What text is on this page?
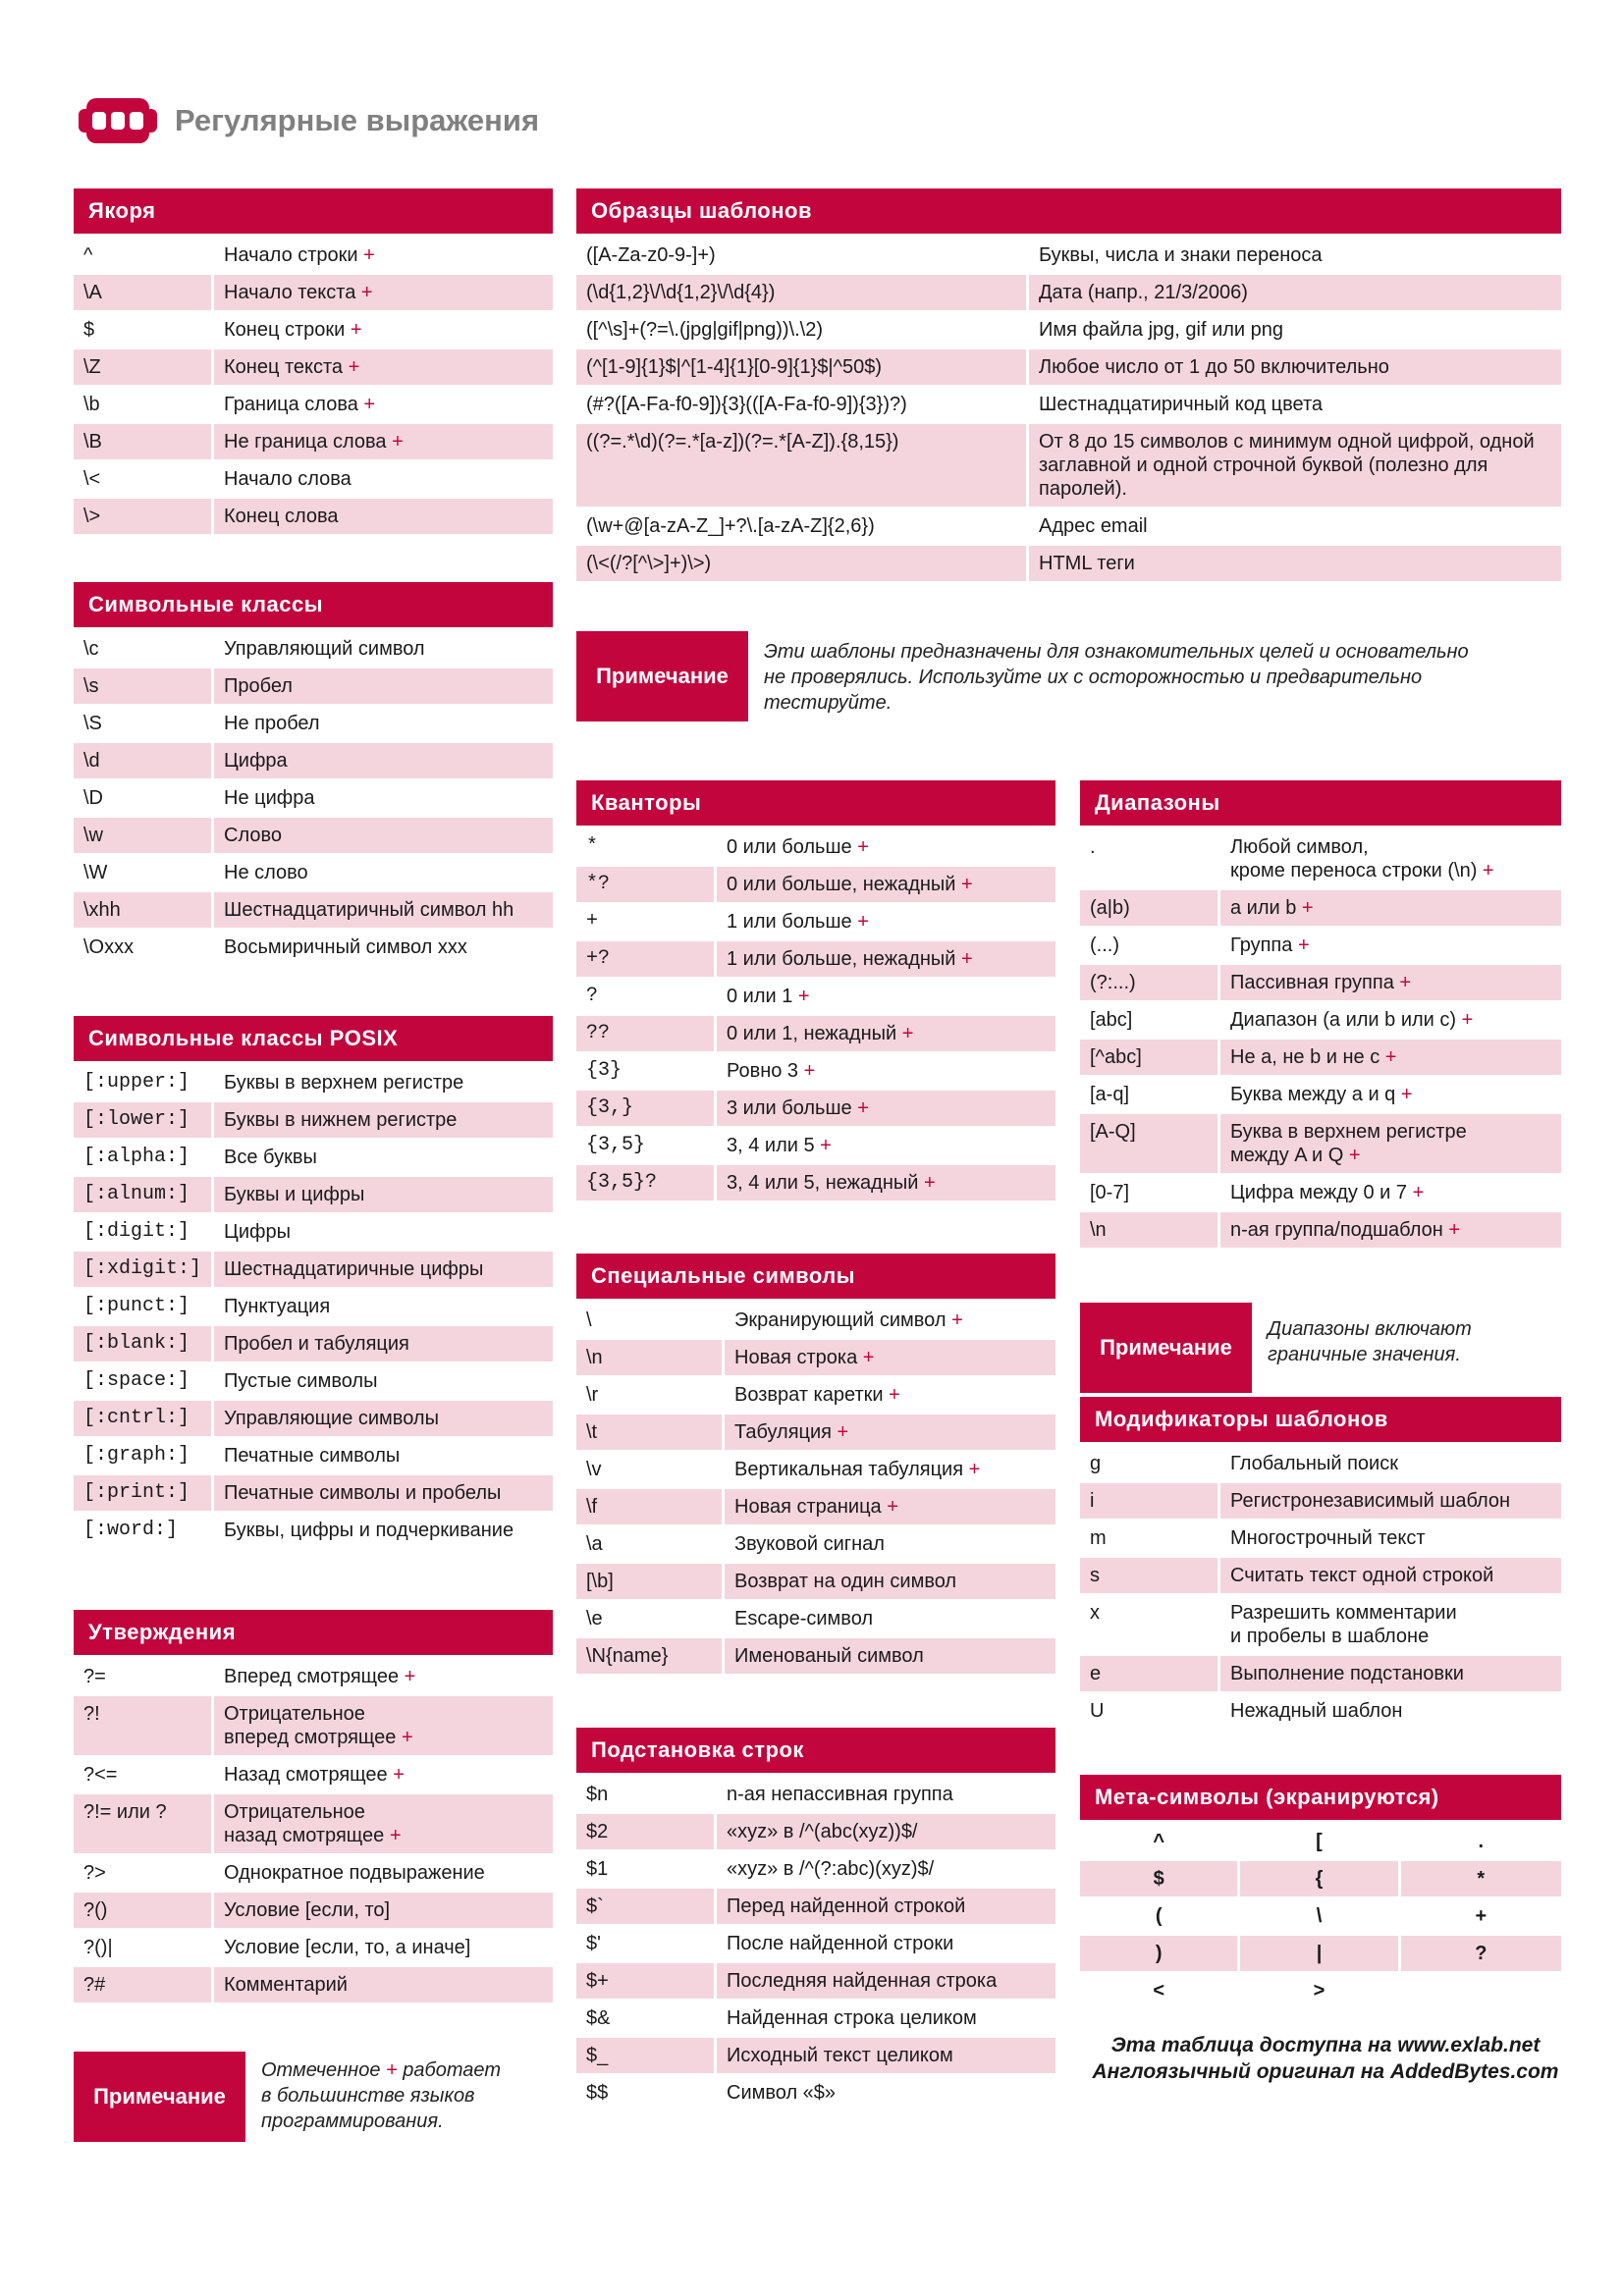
Регулярные выражения
Якоря
^	Начало строки +
\A	Начало текста +
$	Конец строки +
\Z	Конец текста +
\b	Граница слова +
\B	Не граница слова +
\<	Начало слова
\>	Конец слова
Символьные классы
\c	Управляющий символ
\s	Пробел
\S	Не пробел
\d	Цифра
\D	Не цифра
\w	Слово
\W	Не слово
\xhh	Шестнадцатиричный символ hh
\Oxxx	Восьмиричный символ xxx
Символьные классы POSIX
[:upper:]	Буквы в верхнем регистре
[:lower:]	Буквы в нижнем регистре
[:alpha:]	Все буквы
[:alnum:]	Буквы и цифры
[:digit:]	Цифры
[:xdigit:]	Шестнадцатиричные цифры
[:punct:]	Пунктуация
[:blank:]	Пробел и табуляция
[:space:]	Пустые символы
[:cntrl:]	Управляющие символы
[:graph:]	Печатные символы
[:print:]	Печатные символы и пробелы
[:word:]	Буквы, цифры и подчеркивание
Утверждения
?=	Вперед смотрящее +
?!	Отрицательное
вперед смотрящее +
?<=	Назад смотрящее +
?!= или ?	Отрицательное
назад смотрящее +
?>	Однократное подвыражение
?()	Условие [если, то]
?()|	Условие [если, то, а иначе]
?#	Комментарий
Примечание
Отмеченное + работает
в большинстве языков
программирования.
Образцы шаблонов
([A-Za-z0-9-]+)	Буквы, числа и знаки переноса
(\d{1,2}\/\d{1,2}\/\d{4})	Дата (напр., 21/3/2006)
([^\s]+(?=\.(jpg|gif|png))\.\2)	Имя файла jpg, gif или png
(^[1-9]{1}$|^[1-4]{1}[0-9]{1}$|^50$)	Любое число от 1 до 50 включительно
(#?([A-Fa-f0-9]){3}(([A-Fa-f0-9]){3})?)	Шестнадцатиричный код цвета
((?=.*\d)(?=.*[a-z])(?=.*[A-Z]).{8,15})	От 8 до 15 символов с минимум одной цифрой, одной
заглавной и одной строчной буквой (полезно для
паролей).
(\w+@[a-zA-Z_]+?\.[a-zA-Z]{2,6})	Адрес email
(\<(/?[^\>]+)\>)	HTML теги
Примечание
Эти шаблоны предназначены для ознакомительных целей и основательно
не проверялись. Используйте их с осторожностью и предварительно
тестируйте.
Кванторы
*	0 или больше +
*?	0 или больше, нежадный +
+	1 или больше +
+?	1 или больше, нежадный +
?	0 или 1 +
??	0 или 1, нежадный +
{3}	Ровно 3 +
{3,}	3 или больше +
{3,5}	3, 4 или 5 +
{3,5}?	3, 4 или 5, нежадный +
Специальные символы
\	Экранирующий символ +
\n	Новая строка +
\r	Возврат каретки +
\t	Табуляция +
\v	Вертикальная табуляция +
\f	Новая страница +
\a	Звуковой сигнал
[\b]	Возврат на один символ
\e	Escape-символ
\N{name}	Именованый символ
Подстановка строк
$n	n-ая непассивная группа
$2	«xyz» в /^(abc(xyz))$/
$1	«xyz» в /^(?:abc)(xyz)$/
$`	Перед найденной строкой
$'	После найденной строки
$+	Последняя найденная строка
$&	Найденная строка целиком
$_	Исходный текст целиком
$$	Символ «$»
Диапазоны
.	Любой символ,
кроме переноса строки (\n) +
(a|b)	a или b +
(...)	Группа +
(?:...)	Пассивная группа +
[abc]	Диапазон (a или b или c) +
[^abc]	Не a, не b и не c +
[a-q]	Буква между a и q +
[A-Q]	Буква в верхнем регистре
между A и Q +
[0-7]	Цифра между 0 и 7 +
\n	n-ая группа/подшаблон +
Примечание
Диапазоны включают
граничные значения.
Модификаторы шаблонов
g	Глобальный поиск
i	Регистронезависимый шаблон
m	Многострочный текст
s	Считать текст одной строкой
x	Разрешить комментарии
и пробелы в шаблоне
e	Выполнение подстановки
U	Нежадный шаблон
Мета-символы (экранируются)
^	[	.
$	{	*
(	\	+
)	|	?
<	>	
Эта таблица доступна на www.exlab.net
Англоязычный оригинал на AddedBytes.com
